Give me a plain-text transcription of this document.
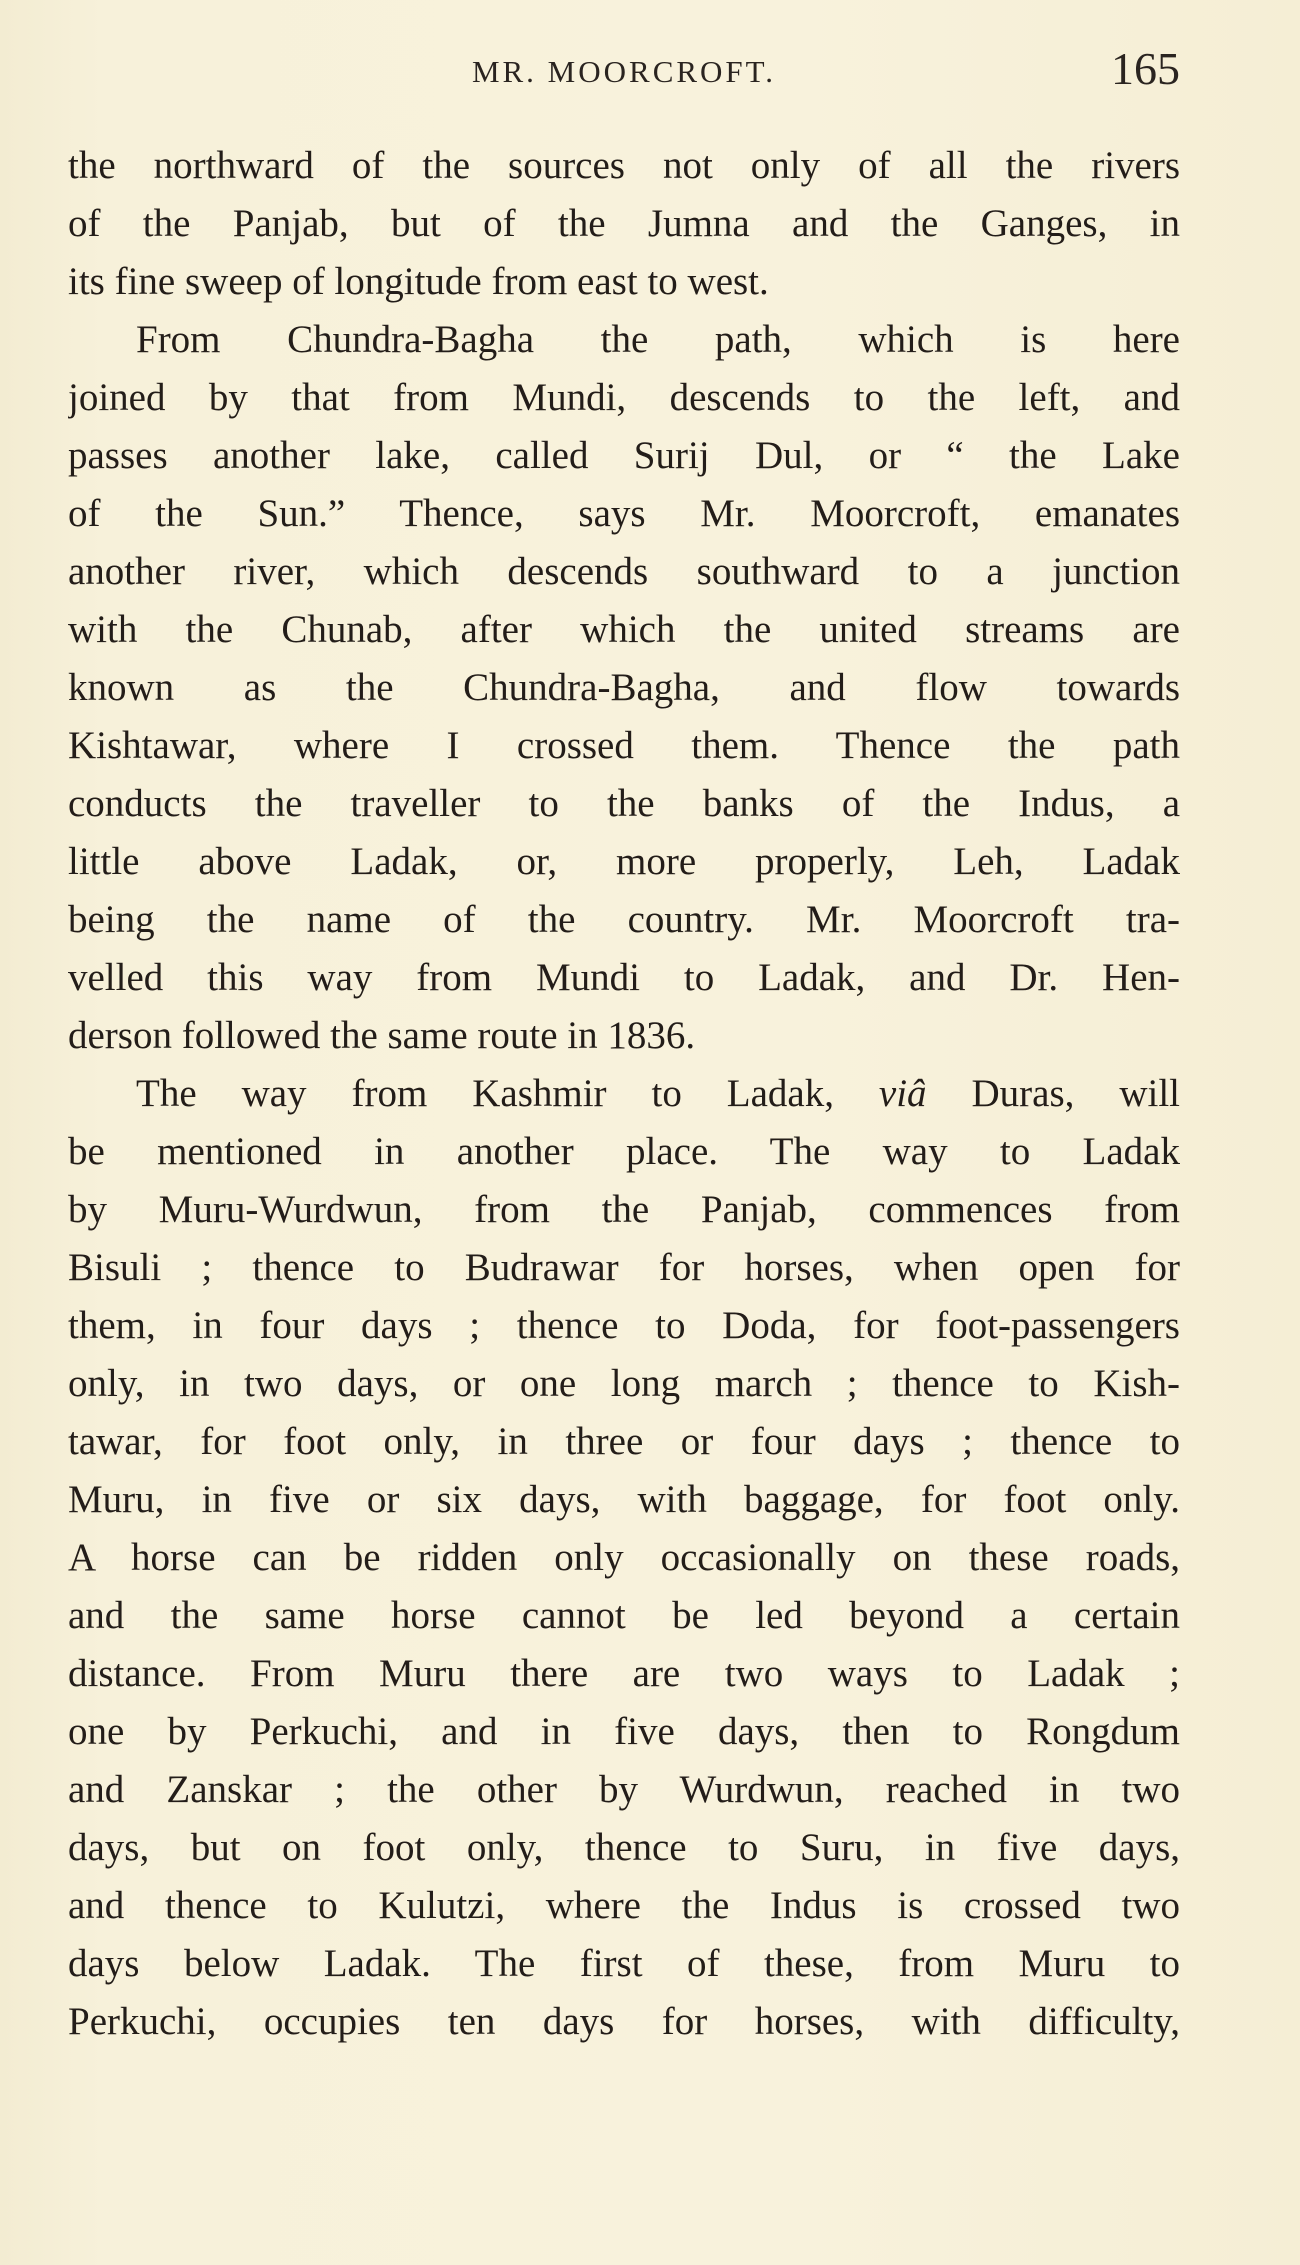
MR. MOORCROFT.	165
the northward of the sources not only of all the rivers
of the Panjab, but of the Jumna and the Ganges, in
its fine sweep of longitude from east to west.
From Chundra-Bagha the path, which is here
joined by that from Mundi, descends to the left, and
passes another lake, called Surij Dul, or “ the Lake
of the Sun.” Thence, says Mr. Moorcroft, emanates
another river, which descends southward to a junction
with the Chunab, after which the united streams are
known as the Chundra-Bagha, and flow towards
Kishtawar, where I crossed them. Thence the path
conducts the traveller to the banks of the Indus, a
little above Ladak, or, more properly, Leh, Ladak
being the name of the country. Mr. Moorcroft tra-
velled this way from Mundi to Ladak, and Dr. Hen-
derson followed the same route in 1836.
The way from Kashmir to Ladak, viâ Duras, will
be mentioned in another place. The way to Ladak
by Muru-Wurdwun, from the Panjab, commences from
Bisuli ; thence to Budrawar for horses, when open for
them, in four days ; thence to Doda, for foot-passengers
only, in two days, or one long march ; thence to Kish-
tawar, for foot only, in three or four days ; thence to
Muru, in five or six days, with baggage, for foot only.
A horse can be ridden only occasionally on these roads,
and the same horse cannot be led beyond a certain
distance. From Muru there are two ways to Ladak ;
one by Perkuchi, and in five days, then to Rongdum
and Zanskar ; the other by Wurdwun, reached in two
days, but on foot only, thence to Suru, in five days,
and thence to Kulutzi, where the Indus is crossed two
days below Ladak. The first of these, from Muru to
Perkuchi, occupies ten days for horses, with difficulty,
